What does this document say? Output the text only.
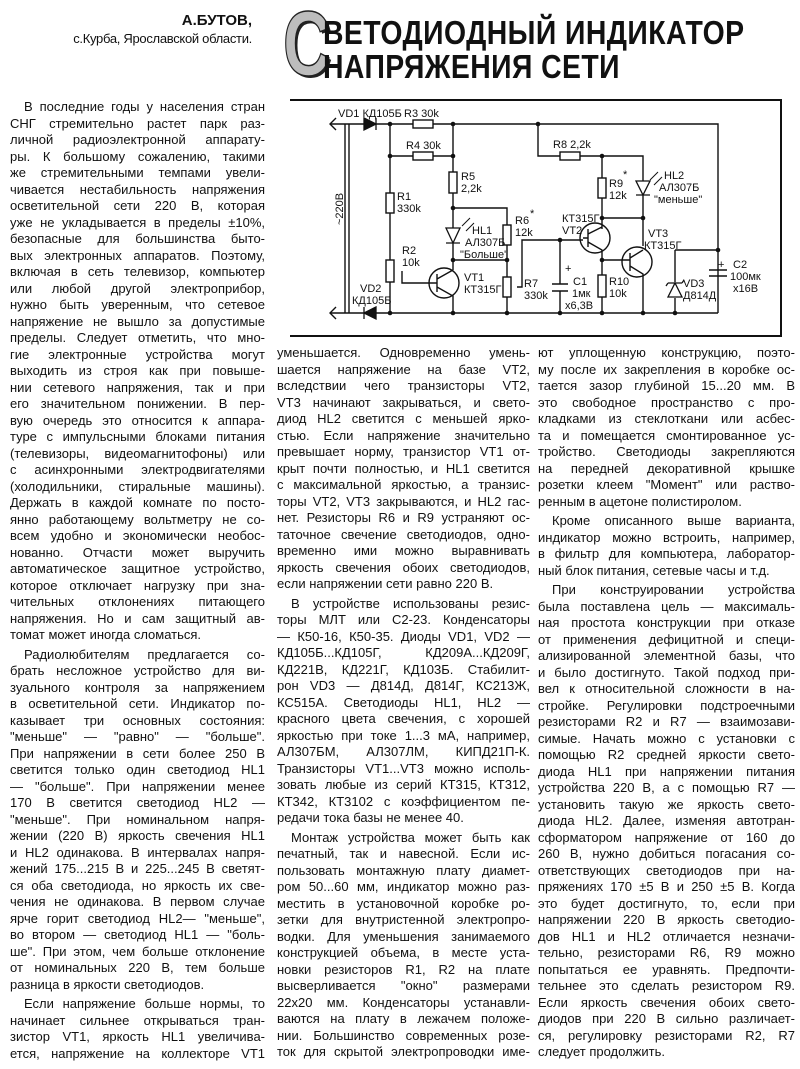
А.БУТОВ,
с.Курба, Ярославской области. С
ВЕТОДИОДНЫЙ ИНДИКАТОР
НАПРЯЖЕНИЯ СЕТИ
~220В
VD1 КД105Б
VD2
КД105Б
R3 30k
R4 30k
R1
330k
R2
10k
R5
2,2k
HL1
АЛ307Б
"Больше"
R6
*
12k
VT1
КТ315Г R7
330k
+
C1
1мк
x6,3В
R8 2,2k
R9
*
12k
HL2
АЛ307Б
"меньше"
КТ315Г
VT2	VT3
КТ315Г
R10
10k
VD3
Д814Д
+ C2
100мк
x16В
В последние годы у населения стран
СНГ стремительно растет парк раз-
личной радиоэлектронной аппарату-
ры. К большому сожалению, такими
же стремительными темпами увели-
чивается нестабильность напряжения
осветительной сети 220 В, которая
уже не укладывается в пределы ±10%,
безопасные для большинства быто-
вых электронных аппаратов. Поэтому,
включая в сеть телевизор, компьютер
или любой другой электроприбор,
нужно быть уверенным, что сетевое
напряжение не вышло за допустимые
пределы. Следует отметить, что мно-
гие электронные устройства могут
выходить из строя как при повыше-
нии сетевого напряжения, так и при
его значительном понижении. В пер-
вую очередь это относится к аппара-
туре с импульсными блоками питания
(телевизоры, видеомагнитофоны) или
с асинхронными электродвигателями
(холодильники, стиральные машины).
Держать в каждой комнате по посто-
янно работающему вольтметру не со-
всем удобно и экономически необос-
нованно. Отчасти может выручить
автоматическое защитное устройство,
которое отключает нагрузку при зна-
чительных отклонениях питающего
напряжения. Но и сам защитный ав-
томат может иногда сломаться.
Радиолюбителям предлагается со-
брать несложное устройство для ви-
зуального контроля за напряжением
в осветительной сети. Индикатор по-
казывает три основных состояния:
"меньше" — "равно" — "больше".
При напряжении в сети более 250 В
светится только один светодиод HL1
— "больше". При напряжении менее
170 В светится светодиод HL2 —
"меньше". При номинальном напря-
жении (220 В) яркость свечения HL1
и HL2 одинакова. В интервалах напря-
жений 175...215 В и 225...245 В светят-
ся оба светодиода, но яркость их све-
чения не одинакова. В первом случае
ярче горит светодиод HL2— "меньше",
во втором — светодиод HL1 — "боль-
ше". При этом, чем больше отклонение
от номинальных 220 В, тем больше
разница в яркости светодиодов.
Если напряжение больше нормы, то
начинает сильнее открываться тран-
зистор VT1, яркость HL1 увеличива-
ется, напряжение на коллекторе VT1
уменьшается. Одновременно умень-
шается напряжение на базе VT2,
вследствии чего транзисторы VT2,
VT3 начинают закрываться, и свето-
диод HL2 светится с меньшей ярко-
стью. Если напряжение значительно
превышает норму, транзистор VT1 от-
крыт почти полностью, и HL1 светится
с максимальной яркостью, а транзис-
торы VT2, VT3 закрываются, и HL2 гас-
нет. Резисторы R6 и R9 устраняют ос-
таточное свечение светодиодов, одно-
временно ими можно выравнивать
яркость свечения обоих светодиодов,
если напряжении сети равно 220 В.
В устройстве использованы резис-
торы МЛТ или С2-23. Конденсаторы
— К50-16, К50-35. Диоды VD1, VD2 —
КД105Б...КД105Г, КД209А...КД209Г,
КД221В, КД221Г, КД103Б. Стабилит-
рон VD3 — Д814Д, Д814Г, КС213Ж,
КС515А. Светодиоды HL1, HL2 —
красного цвета свечения, с хорошей
яркостью при токе 1...3 мА, например,
АЛ307БМ, АЛ307ЛМ, КИПД21П-К.
Транзисторы VT1...VT3 можно исполь-
зовать любые из серий КТ315, КТ312,
КТ342, КТ3102 с коэффициентом пе-
редачи тока базы не менее 40.
Монтаж устройства может быть как
печатный, так и навесной. Если ис-
пользовать монтажную плату диамет-
ром 50...60 мм, индикатор можно раз-
местить в установочной коробке ро-
зетки для внутристенной электропро-
водки. Для уменьшения занимаемого
конструкцией объема, в месте уста-
новки резисторов R1, R2 на плате
высверливается "окно" размерами
22х20 мм. Конденсаторы устанавли-
ваются на плату в лежачем положе-
нии. Большинство современных розе-
ток для скрытой электропроводки име-
ют уплощенную конструкцию, поэто-
му после их закрепления в коробке ос-
тается зазор глубиной 15...20 мм. В
это свободное пространство с про-
кладками из стеклоткани или асбес-
та и помещается смонтированное ус-
тройство. Светодиоды закрепляются
на передней декоративной крышке
розетки клеем "Момент" или раство-
ренным в ацетоне полистиролом.
Кроме описанного выше варианта,
индикатор можно встроить, например,
в фильтр для компьютера, лаборатор-
ный блок питания, сетевые часы и т.д.
При конструировании устройства
была поставлена цель — максималь-
ная простота конструкции при отказе
от применения дефицитной и специ-
ализированной элементной базы, что
и было достигнуто. Такой подход при-
вел к относительной сложности в на-
стройке. Регулировки подстроечными
резисторами R2 и R7 — взаимозави-
симые. Начать можно с установки с
помощью R2 средней яркости свето-
диода HL1 при напряжении питания
устройства 220 В, а с помощью R7 —
установить такую же яркость свето-
диода HL2. Далее, изменяя автотран-
сформатором напряжение от 160 до
260 В, нужно добиться погасания со-
ответствующих светодиодов при на-
пряжениях 170 ±5 В и 250 ±5 В. Когда
это будет достигнуто, то, если при
напряжении 220 В яркость светодио-
дов HL1 и HL2 отличается незначи-
тельно, резисторами R6, R9 можно
попытаться ее уравнять. Предпочти-
тельнее это сделать резистором R9.
Если яркость свечения обоих свето-
диодов при 220 В сильно различает-
ся, регулировку резисторами R2, R7
следует продолжить.
